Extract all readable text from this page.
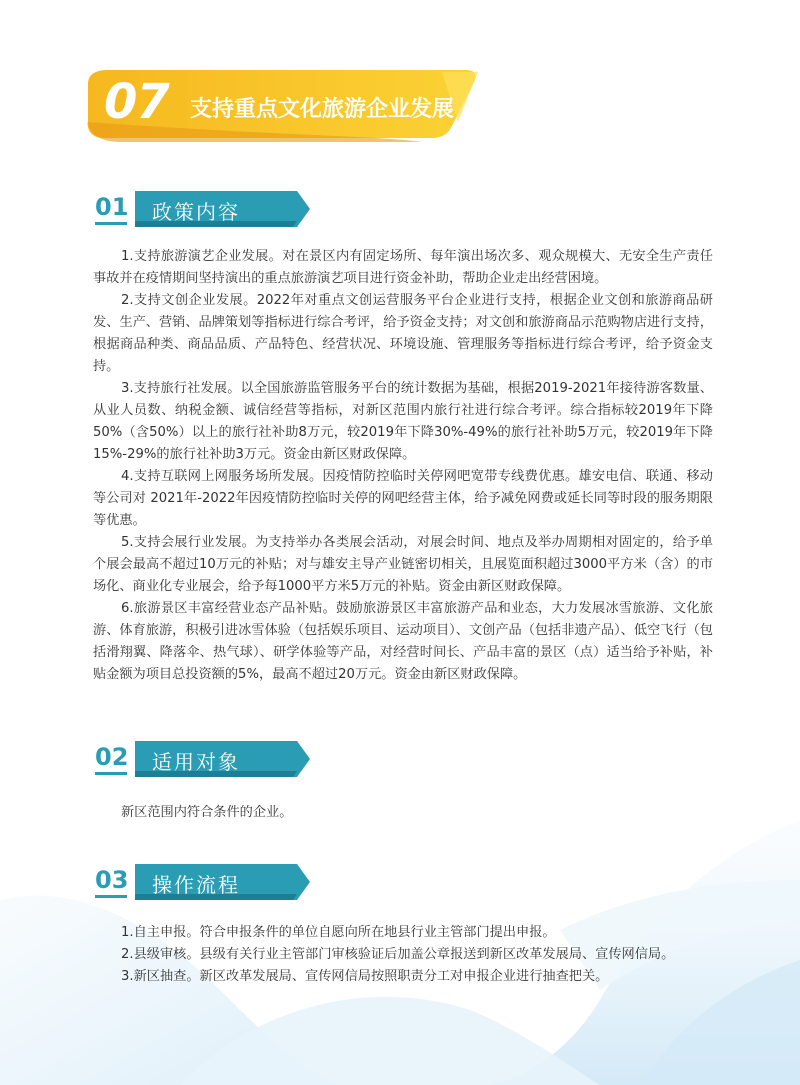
07 支持重点文化旅游企业发展
01 政策内容

1.支持旅游演艺企业发展。对在景区内有固定场所、每年演出场次多、观众规模大、无安全生产责任事故并在疫情期间坚持演出的重点旅游演艺项目进行资金补助，帮助企业走出经营困境。

2.支持文创企业发展。2022年对重点文创运营服务平台企业进行支持，根据企业文创和旅游商品研发、生产、营销、品牌策划等指标进行综合考评，给予资金支持；对文创和旅游商品示范购物店进行支持，根据商品种类、商品品质、产品特色、经营状况、环境设施、管理服务等指标进行综合考评，给予资金支持。

3.支持旅行社发展。以全国旅游监管服务平台的统计数据为基础，根据2019-2021年接待游客数量、从业人员数、纳税金额、诚信经营等指标，对新区范围内旅行社进行综合考评。综合指标较2019年下降50%（含50%）以上的旅行社补助8万元，较2019年下降30%-49%的旅行社补助5万元，较2019年下降15%-29%的旅行社补助3万元。资金由新区财政保障。

4.支持互联网上网服务场所发展。因疫情防控临时关停网吧宽带专线费优惠。雄安电信、联通、移动等公司对 2021年-2022年因疫情防控临时关停的网吧经营主体，给予减免网费或延长同等时段的服务期限等优惠。

5.支持会展行业发展。为支持举办各类展会活动，对展会时间、地点及举办周期相对固定的，给予单个展会最高不超过10万元的补贴；对与雄安主导产业链密切相关，且展览面积超过3000平方米（含）的市场化、商业化专业展会，给予每1000平方米5万元的补贴。资金由新区财政保障。

6.旅游景区丰富经营业态产品补贴。鼓励旅游景区丰富旅游产品和业态，大力发展冰雪旅游、文化旅游、体育旅游，积极引进冰雪体验（包括娱乐项目、运动项目）、文创产品（包括非遗产品）、低空飞行（包括滑翔翼、降落伞、热气球）、研学体验等产品，对经营时间长、产品丰富的景区（点）适当给予补贴，补贴金额为项目总投资额的5%，最高不超过20万元。资金由新区财政保障。

02 适用对象

新区范围内符合条件的企业。

03 操作流程

1.自主申报。符合申报条件的单位自愿向所在地县行业主管部门提出申报。

2.县级审核。县级有关行业主管部门审核验证后加盖公章报送到新区改革发展局、宣传网信局。

3.新区抽查。新区改革发展局、宣传网信局按照职责分工对申报企业进行抽查把关。
